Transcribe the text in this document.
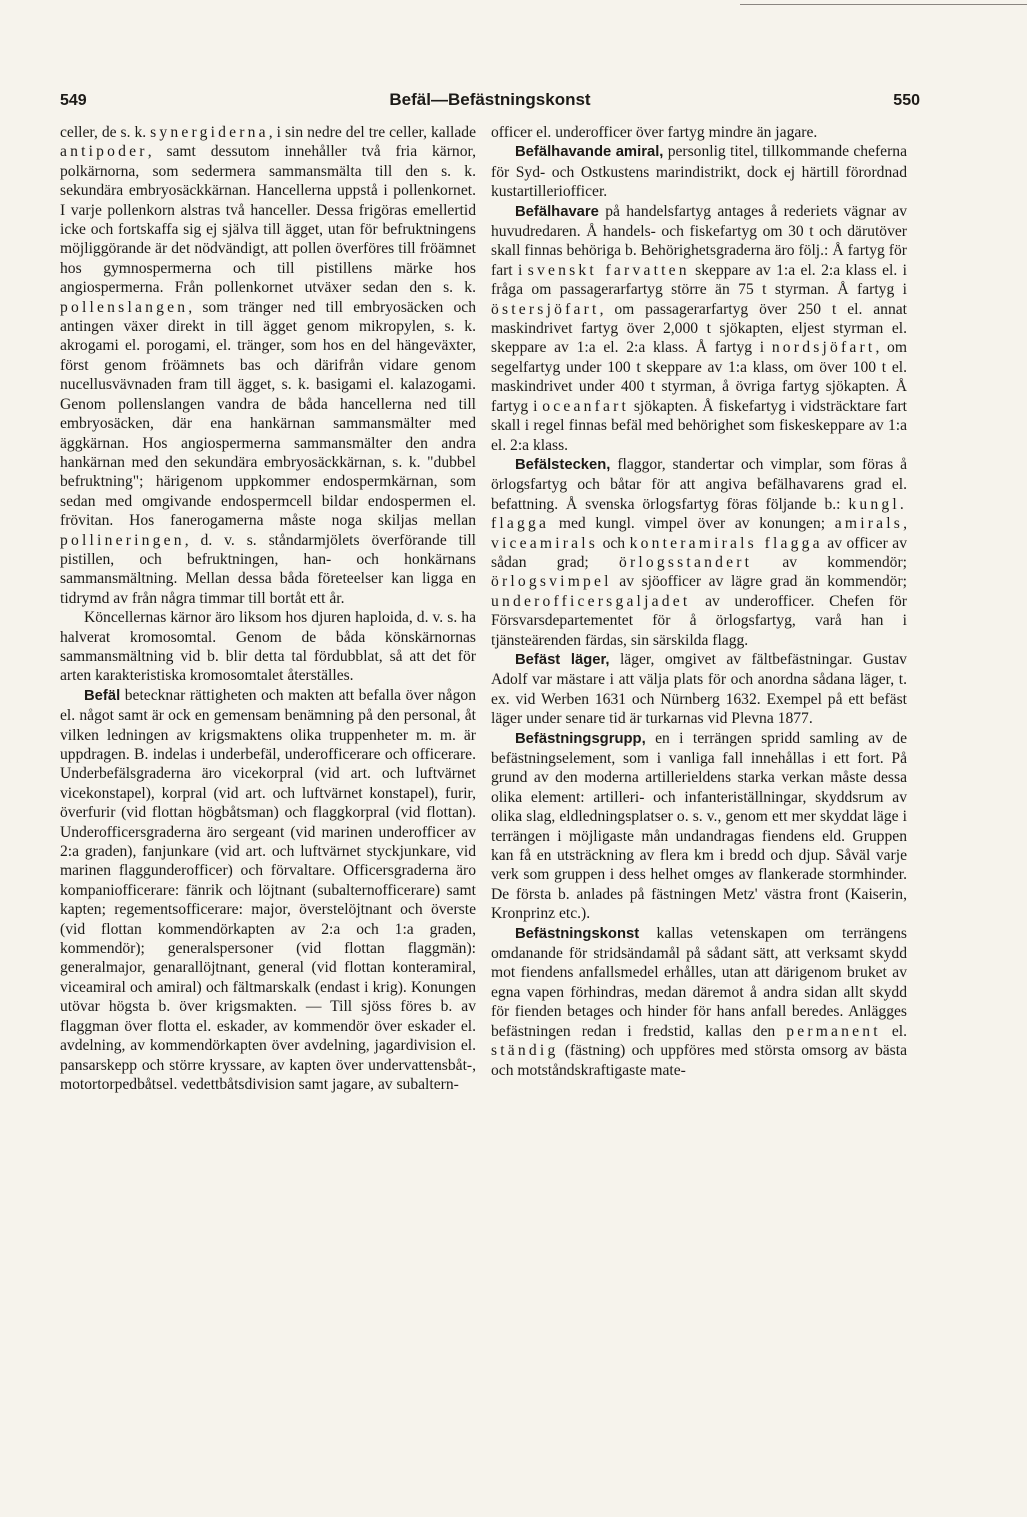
549	Befäl—Befästningskonst	550

celler, de s. k. synergiderna, i sin nedre del tre celler, kallade antipoder, samt dessutom innehåller två fria kärnor, polkärnorna, som sedermera sammansmälta till den s. k. sekundära embryosäckkärnan. Hancellerna uppstå i pollenkornet. I varje pollenkorn alstras två hanceller. Dessa frigöras emellertid icke och fortskaffa sig ej själva till ägget, utan för befruktningens möjliggörande är det nödvändigt, att pollen överföres till fröämnet hos gymnospermerna och till pistillens märke hos angiospermerna. Från pollenkornet utväxer sedan den s. k. pollenslangen, som tränger ned till embryosäcken och antingen växer direkt in till ägget genom mikropylen, s. k. akrogami el. porogami, el. tränger, som hos en del hängeväxter, först genom fröämnets bas och därifrån vidare genom nucellusvävnaden fram till ägget, s. k. basigami el. kalazogami. Genom pollenslangen vandra de båda hancellerna ned till embryosäcken, där ena hankärnan sammansmälter med äggkärnan. Hos angiospermerna sammansmälter den andra hankärnan med den sekundära embryosäckkärnan, s. k. "dubbel befruktning"; härigenom uppkommer endospermkärnan, som sedan med omgivande endospermcell bildar endospermen el. frövitan. Hos fanerogamerna måste noga skiljas mellan pollineringen, d. v. s. ståndarmjölets överförande till pistillen, och befruktningen, han- och honkärnans sammansmältning. Mellan dessa båda företeelser kan ligga en tidrymd av från några timmar till bortåt ett år.

Köncellernas kärnor äro liksom hos djuren haploida, d. v. s. ha halverat kromosomtal. Genom de båda könskärnornas sammansmältning vid b. blir detta tal fördubblat, så att det för arten karakteristiska kromosomtalet återställes.

Befäl betecknar rättigheten och makten att befalla över någon el. något samt är ock en gemensam benämning på den personal, åt vilken ledningen av krigsmaktens olika truppenheter m. m. är uppdragen. B. indelas i underbefäl, underofficerare och officerare. Underbefälsgraderna äro vicekorpral (vid art. och luftvärnet vicekonstapel), korpral (vid art. och luftvärnet konstapel), furir, överfurir (vid flottan högbåtsman) och flaggkorpral (vid flottan). Underofficersgraderna äro sergeant (vid marinen underofficer av 2:a graden), fanjunkare (vid art. och luftvärnet styckjunkare, vid marinen flaggunderofficer) och förvaltare. Officersgraderna äro kompaniofficerare: fänrik och löjtnant (subalternofficerare) samt kapten; regementsofficerare: major, överstelöjtnant och överste (vid flottan kommendörkapten av 2:a och 1:a graden, kommendör); generalspersoner (vid flottan flaggmän): generalmajor, genarallöjtnant, general (vid flottan konteramiral, viceamiral och amiral) och fältmarskalk (endast i krig). Konungen utövar högsta b. över krigsmakten. — Till sjöss föres b. av flaggman över flotta el. eskader, av kommendör över eskader el. avdelning, av kommendörkapten över avdelning, jagardivision el. pansarskepp och större kryssare, av kapten över undervattensbåt-, motortorpedbåtsel. vedettbåtsdivision samt jagare, av subaltern-

officer el. underofficer över fartyg mindre än jagare.

Befälhavande amiral, personlig titel, tillkommande cheferna för Syd- och Ostkustens marindistrikt, dock ej härtill förordnad kustartilleriofficer.

Befälhavare på handelsfartyg antages å rederiets vägnar av huvudredaren. Å handels- och fiskefartyg om 30 t och därutöver skall finnas behöriga b. Behörighetsgraderna äro följ.: Å fartyg för fart i svenskt farvatten skeppare av 1:a el. 2:a klass el. i fråga om passagerarfartyg större än 75 t styrman. Å fartyg i östersjöfart, om passagerarfartyg över 250 t el. annat maskindrivet fartyg över 2,000 t sjökapten, eljest styrman el. skeppare av 1:a el. 2:a klass. Å fartyg i nordsjöfart, om segelfartyg under 100 t skeppare av 1:a klass, om över 100 t el. maskindrivet under 400 t styrman, å övriga fartyg sjökapten. Å fartyg i oceanfart sjökapten. Å fiskefartyg i vidsträcktare fart skall i regel finnas befäl med behörighet som fiskeskeppare av 1:a el. 2:a klass.

Befälstecken, flaggor, standertar och vimplar, som föras å örlogsfartyg och båtar för att angiva befälhavarens grad el. befattning. Å svenska örlogsfartyg föras följande b.: kungl. flagga med kungl. vimpel över av konungen; amirals, viceamirals och konteramirals flagga av officer av sådan grad; örlogsstandert av kommendör; örlogsvimpel av sjöofficer av lägre grad än kommendör; underofficersgaljadet av underofficer. Chefen för Försvarsdepartementet för å örlogsfartyg, varå han i tjänsteärenden färdas, sin särskilda flagg.

Befäst läger, läger, omgivet av fältbefästningar. Gustav Adolf var mästare i att välja plats för och anordna sådana läger, t. ex. vid Werben 1631 och Nürnberg 1632. Exempel på ett befäst läger under senare tid är turkarnas vid Plevna 1877.

Befästningsgrupp, en i terrängen spridd samling av de befästningselement, som i vanliga fall innehållas i ett fort. På grund av den moderna artillerieldens starka verkan måste dessa olika element: artilleri- och infanteriställningar, skyddsrum av olika slag, eldledningsplatser o. s. v., genom ett mer skyddat läge i terrängen i möjligaste mån undandragas fiendens eld. Gruppen kan få en utsträckning av flera km i bredd och djup. Såväl varje verk som gruppen i dess helhet omges av flankerade stormhinder. De första b. anlades på fästningen Metz' västra front (Kaiserin, Kronprinz etc.).

Befästningskonst kallas vetenskapen om terrängens omdanande för stridsändamål på sådant sätt, att verksamt skydd mot fiendens anfallsmedel erhålles, utan att därigenom bruket av egna vapen förhindras, medan däremot å andra sidan allt skydd för fienden betages och hinder för hans anfall beredes. Anlägges befästningen redan i fredstid, kallas den permanent el. ständig (fästning) och uppföres med största omsorg av bästa och motståndskraftigaste mate-
